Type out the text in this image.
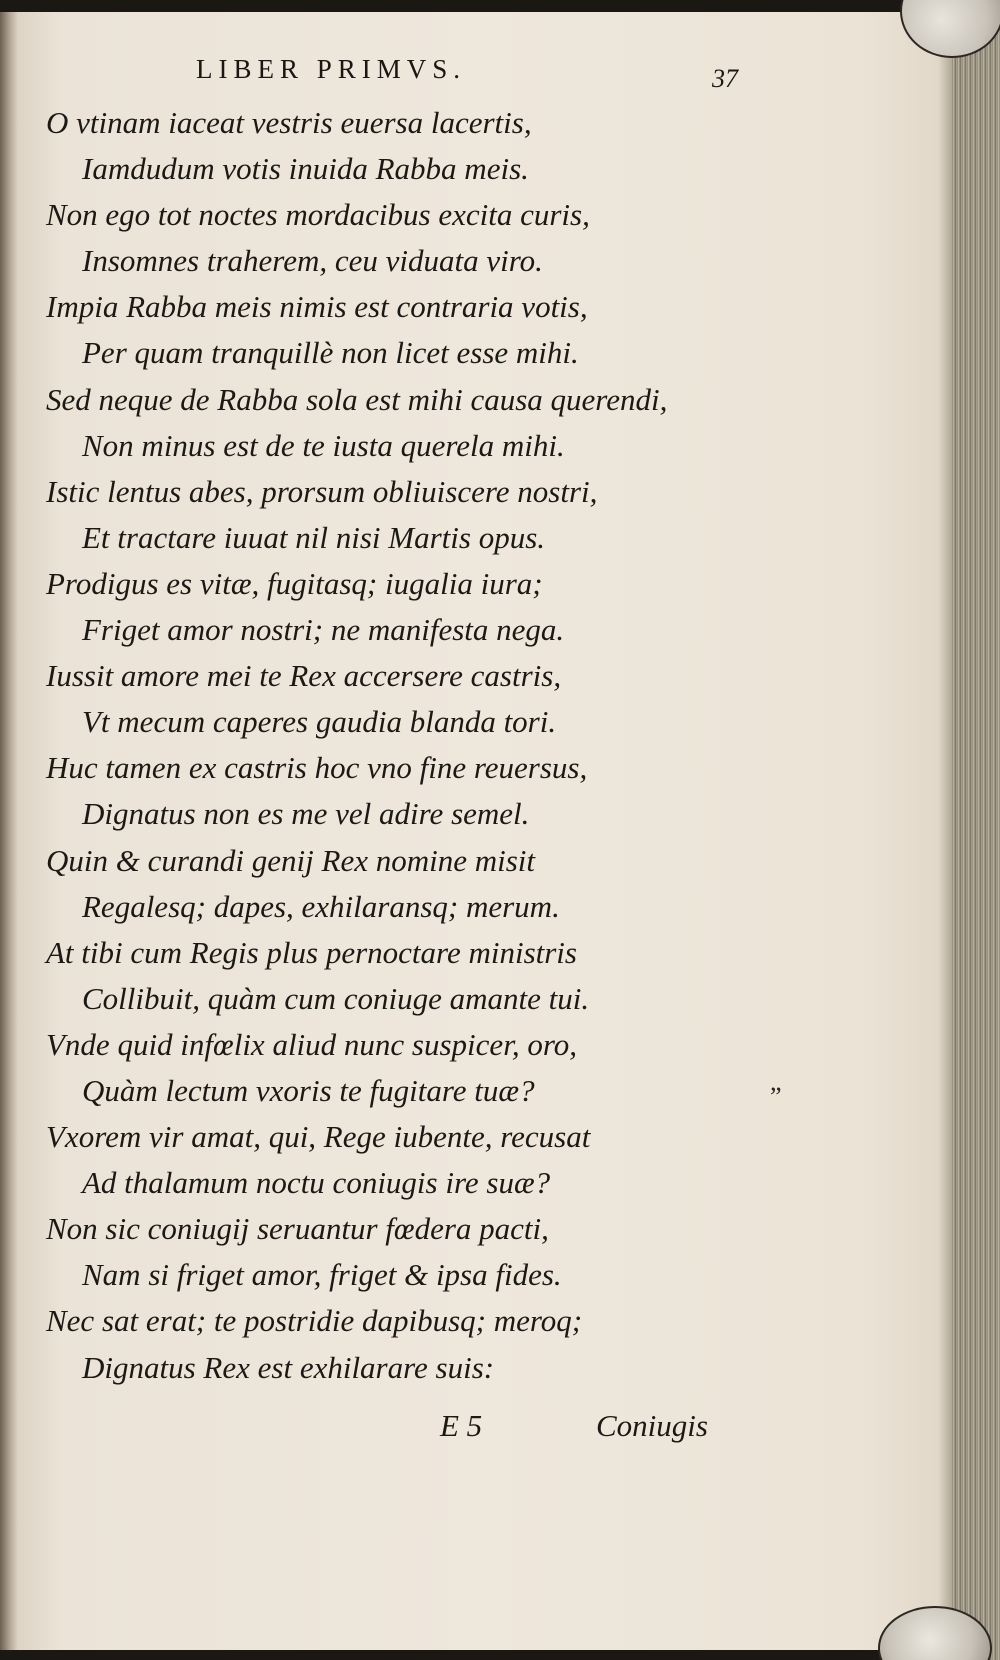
LIBER PRIMVS.	37
O vtinam iaceat vestris euersa lacertis,
Iamdudum votis inuida Rabba meis.
Non ego tot noctes mordacibus excita curis,
Insomnes traherem, ceu viduata viro.
Impia Rabba meis nimis est contraria votis,
Per quam tranquillè non licet esse mihi.
Sed neque de Rabba sola est mihi causa querendi,
Non minus est de te iusta querela mihi.
Istic lentus abes, prorsum obliuiscere nostri,
Et tractare iuuat nil nisi Martis opus.
Prodigus es vitæ, fugitasq; iugalia iura;
Friget amor nostri; ne manifesta nega.
Iussit amore mei te Rex accersere castris,
Vt mecum caperes gaudia blanda tori.
Huc tamen ex castris hoc vno fine reuersus,
Dignatus non es me vel adire semel.
Quin & curandi genij Rex nomine misit
Regalesq; dapes, exhilaransq; merum.
At tibi cum Regis plus pernoctare ministris
Collibuit, quàm cum coniuge amante tui.
Vnde quid infœlix aliud nunc suspicer, oro,
Quàm lectum vxoris te fugitare tuæ?
Vxorem vir amat, qui, Rege iubente, recusat
Ad thalamum noctu coniugis ire suæ?
Non sic coniugij seruantur fœdera pacti,
Nam si friget amor, friget & ipsa fides.
Nec sat erat; te postridie dapibusq; meroq;
Dignatus Rex est exhilarare suis:
”
E 5	Coniugis
